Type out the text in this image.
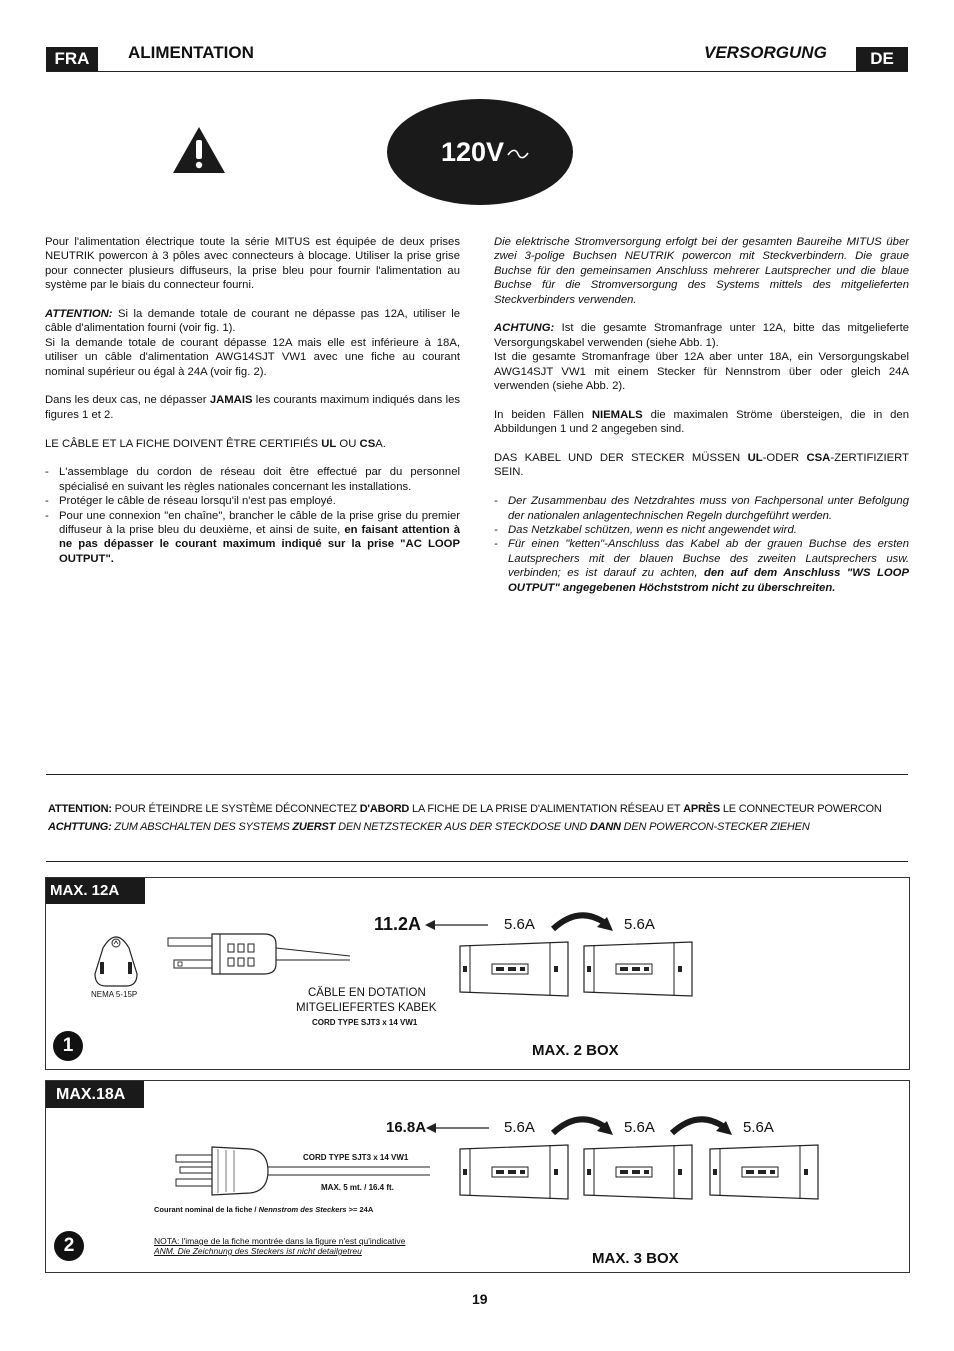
FRA	ALIMENTATION	VERSORGUNG	DE
120V

Pour l'alimentation électrique toute la série MITUS est équipée de deux prises NEUTRIK powercon à 3 pôles avec connecteurs à blocage. Utiliser la prise grise pour connecter plusieurs diffuseurs, la prise bleu pour fournir l'alimentation au système par le biais du connecteur fourni.

ATTENTION: Si la demande totale de courant ne dépasse pas 12A, utiliser le câble d'alimentation fourni (voir fig. 1).

Si la demande totale de courant dépasse 12A mais elle est inférieure à 18A, utiliser un câble d'alimentation AWG14SJT VW1 avec une fiche au courant nominal supérieur ou égal à 24A (voir fig. 2).

Dans les deux cas, ne dépasser JAMAIS les courants maximum indiqués dans les figures 1 et 2.

LE CÂBLE ET LA FICHE DOIVENT ÊTRE CERTIFIÉS UL OU CSA.

- L'assemblage du cordon de réseau doit être effectué par du personnel spécialisé en suivant les règles nationales concernant les installations.
- Protéger le câble de réseau lorsqu'il n'est pas employé.
- Pour une connexion "en chaîne", brancher le câble de la prise grise du premier diffuseur à la prise bleu du deuxième, et ainsi de suite, en faisant attention à ne pas dépasser le courant maximum indiqué sur la prise "AC LOOP OUTPUT".

Die elektrische Stromversorgung erfolgt bei der gesamten Baureihe MITUS über zwei 3-polige Buchsen NEUTRIK powercon mit Steckverbindern. Die graue Buchse für den gemeinsamen Anschluss mehrerer Lautsprecher und die blaue Buchse für die Stromversorgung des Systems mittels des mitgelieferten Steckverbinders verwenden.

ACHTUNG: Ist die gesamte Stromanfrage unter 12A, bitte das mitgelieferte Versorgungskabel verwenden (siehe Abb. 1).

Ist die gesamte Stromanfrage über 12A aber unter 18A, ein Versorgungskabel AWG14SJT VW1 mit einem Stecker für Nennstrom über oder gleich 24A verwenden (siehe Abb. 2).

In beiden Fällen NIEMALS die maximalen Ströme übersteigen, die in den Abbildungen 1 und 2 angegeben sind.

DAS KABEL UND DER STECKER MÜSSEN UL-ODER CSA-ZERTIFIZIERT SEIN.

- Der Zusammenbau des Netzdrahtes muss von Fachpersonal unter Befolgung der nationalen anlagentechnischen Regeln durchgeführt werden.
- Das Netzkabel schützen, wenn es nicht angewendet wird.
- Für einen "ketten"-Anschluss das Kabel ab der grauen Buchse des ersten Lautsprechers mit der blauen Buchse des zweiten Lautsprechers usw. verbinden; es ist darauf zu achten, den auf dem Anschluss "WS LOOP OUTPUT" angegebenen Höchststrom nicht zu überschreiten.
ATTENTION: POUR ÉTEINDRE LE SYSTÈME DÉCONNECTEZ D'ABORD LA FICHE DE LA PRISE D'ALIMENTATION RÉSEAU ET APRÈS LE CONNECTEUR POWERCON
ACHTTUNG: ZUM ABSCHALTEN DES SYSTEMS ZUERST DEN NETZSTECKER AUS DER STECKDOSE UND DANN DEN POWERCON-STECKER ZIEHEN
MAX. 12A
NEMA 5-15P	CÄBLE EN DOTATION
MITGELIEFERTES KABEK
CORD TYPE SJT3 x 14 VW1
11.2A	5.6A	5.6A
1	MAX. 2 BOX
MAX.18A
CORD TYPE SJT3 x 14 VW1
MAX. 5 mt. / 16.4 ft.
Courant nominal de la fiche / Nennstrom des Steckers >= 24A
16.8A	5.6A	5.6A	5.6A
2	NOTA: l'image de la fiche montrée dans la figure n'est qu'indicative
ANM. Die Zeichnung des Steckers ist nicht detailgetreu	MAX. 3 BOX
19
